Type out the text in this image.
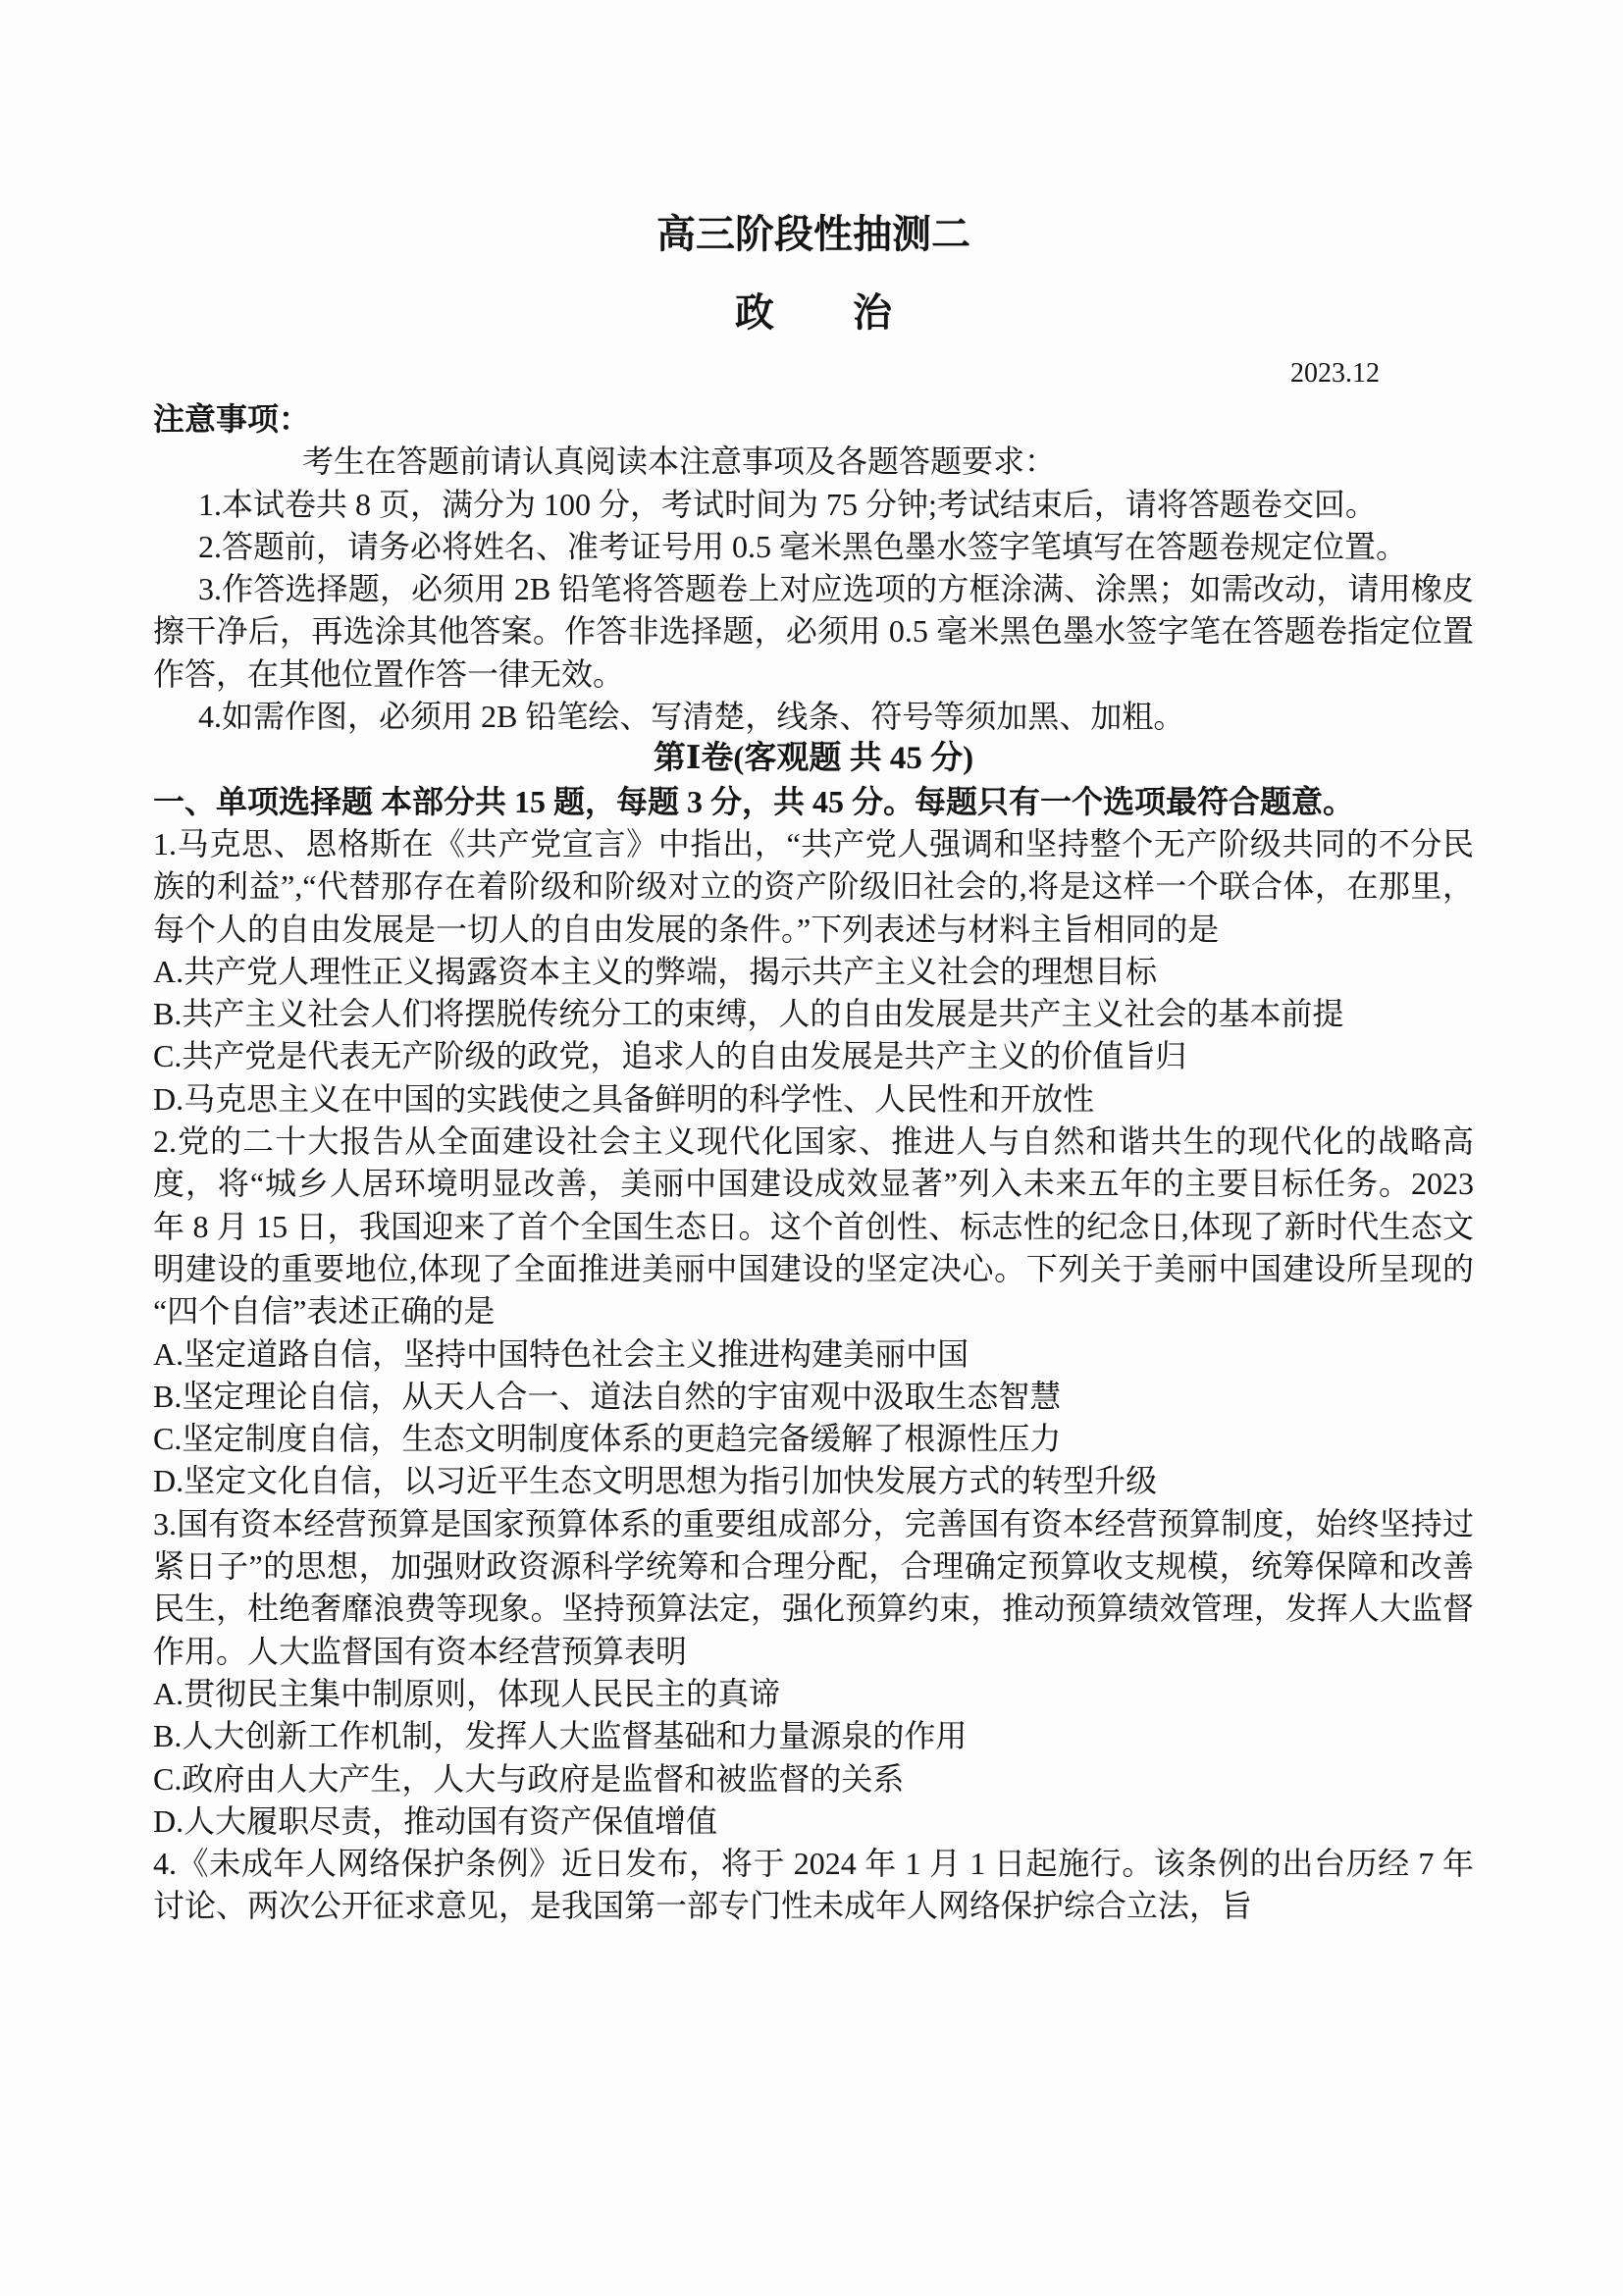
高三阶段性抽测二
政　　治
2023.12
注意事项：

考生在答题前请认真阅读本注意事项及各题答题要求：

1.本试卷共 8 页，满分为 100 分，考试时间为 75 分钟;考试结束后，请将答题卷交回。

2.答题前，请务必将姓名、准考证号用 0.5 毫米黑色墨水签字笔填写在答题卷规定位置。

3.作答选择题，必须用 2B 铅笔将答题卷上对应选项的方框涂满、涂黑；如需改动，请用橡皮擦干净后，再选涂其他答案。作答非选择题，必须用 0.5 毫米黑色墨水签字笔在答题卷指定位置作答，在其他位置作答一律无效。

4.如需作图，必须用 2B 铅笔绘、写清楚，线条、符号等须加黑、加粗。

第Ⅰ卷(客观题 共 45 分)

一、单项选择题 本部分共 15 题，每题 3 分，共 45 分。每题只有一个选项最符合题意。

1.马克思、恩格斯在《共产党宣言》中指出，“共产党人强调和坚持整个无产阶级共同的不分民族的利益”,“代替那存在着阶级和阶级对立的资产阶级旧社会的,将是这样一个联合体，在那里，每个人的自由发展是一切人的自由发展的条件。”下列表述与材料主旨相同的是

A.共产党人理性正义揭露资本主义的弊端，揭示共产主义社会的理想目标

B.共产主义社会人们将摆脱传统分工的束缚，人的自由发展是共产主义社会的基本前提

C.共产党是代表无产阶级的政党，追求人的自由发展是共产主义的价值旨归

D.马克思主义在中国的实践使之具备鲜明的科学性、人民性和开放性

2.党的二十大报告从全面建设社会主义现代化国家、推进人与自然和谐共生的现代化的战略高度，将“城乡人居环境明显改善，美丽中国建设成效显著”列入未来五年的主要目标任务。2023 年 8 月 15 日，我国迎来了首个全国生态日。这个首创性、标志性的纪念日,体现了新时代生态文明建设的重要地位,体现了全面推进美丽中国建设的坚定决心。下列关于美丽中国建设所呈现的“四个自信”表述正确的是

A.坚定道路自信，坚持中国特色社会主义推进构建美丽中国

B.坚定理论自信，从天人合一、道法自然的宇宙观中汲取生态智慧

C.坚定制度自信，生态文明制度体系的更趋完备缓解了根源性压力

D.坚定文化自信，以习近平生态文明思想为指引加快发展方式的转型升级

3.国有资本经营预算是国家预算体系的重要组成部分，完善国有资本经营预算制度，始终坚持过紧日子”的思想，加强财政资源科学统筹和合理分配，合理确定预算收支规模，统筹保障和改善民生，杜绝奢靡浪费等现象。坚持预算法定，强化预算约束，推动预算绩效管理，发挥人大监督作用。人大监督国有资本经营预算表明

A.贯彻民主集中制原则，体现人民民主的真谛

B.人大创新工作机制，发挥人大监督基础和力量源泉的作用

C.政府由人大产生，人大与政府是监督和被监督的关系

D.人大履职尽责，推动国有资产保值增值

4.《未成年人网络保护条例》近日发布，将于 2024 年 1 月 1 日起施行。该条例的出台历经 7 年讨论、两次公开征求意见，是我国第一部专门性未成年人网络保护综合立法，旨
